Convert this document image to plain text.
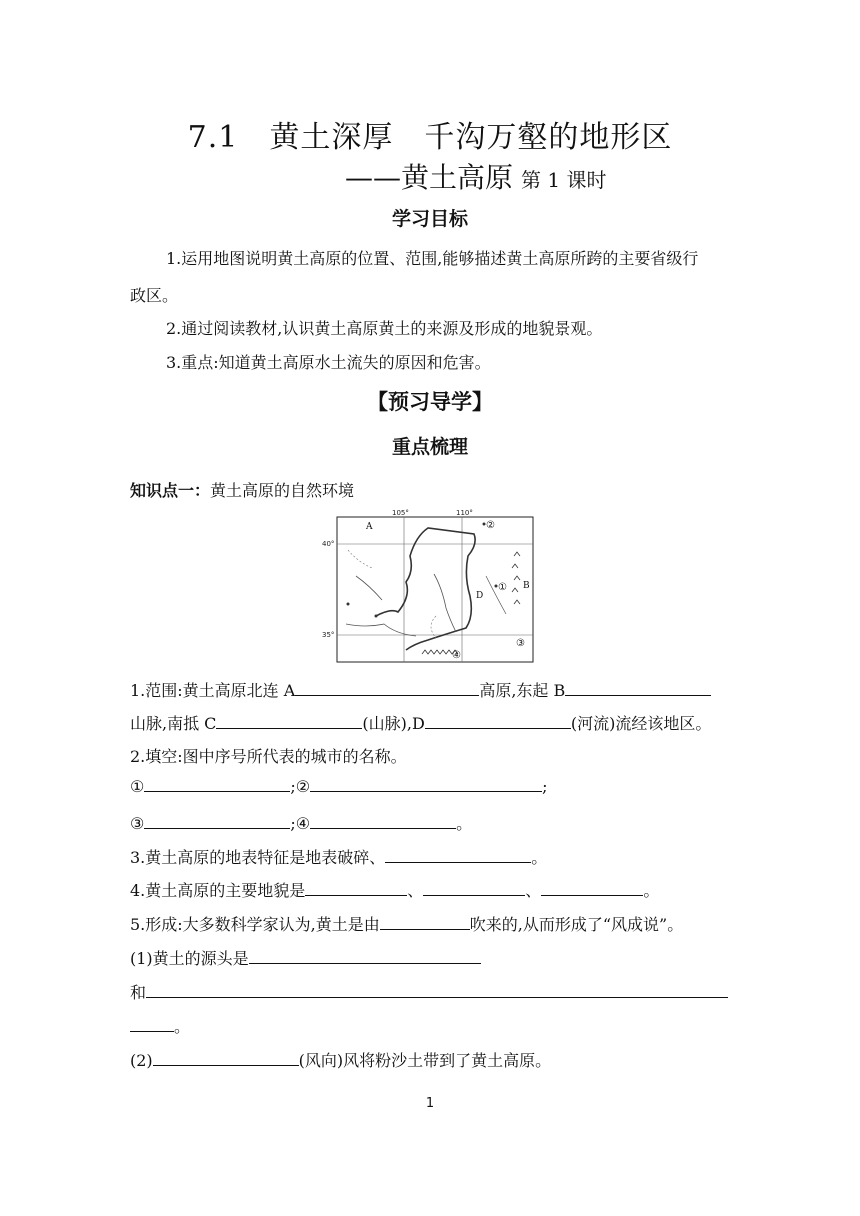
7.1　黄土深厚　千沟万壑的地形区
——黄土高原 第 1 课时
学习目标
1.运用地图说明黄土高原的位置、范围,能够描述黄土高原所跨的主要省级行
政区。
2.通过阅读教材,认识黄土高原黄土的来源及形成的地貌景观。
3.重点:知道黄土高原水土流失的原因和危害。
【预习导学】
重点梳理
知识点一：黄土高原的自然环境
105°	110°
40°
35°
A
B
D
①
②
③
④
1.范围:黄土高原北连 A	高原,东起 B
山脉,南抵 C	(山脉),D	(河流)流经该地区。
2.填空:图中序号所代表的城市的名称。
①	;②	;
③	;④	。
3.黄土高原的地表特征是地表破碎、	。
4.黄土高原的主要地貌是	、	、	。
5.形成:大多数科学家认为,黄土是由	吹来的,从而形成了“风成说”。
(1)黄土的源头是
和
。
(2)	(风向)风将粉沙土带到了黄土高原。
1
